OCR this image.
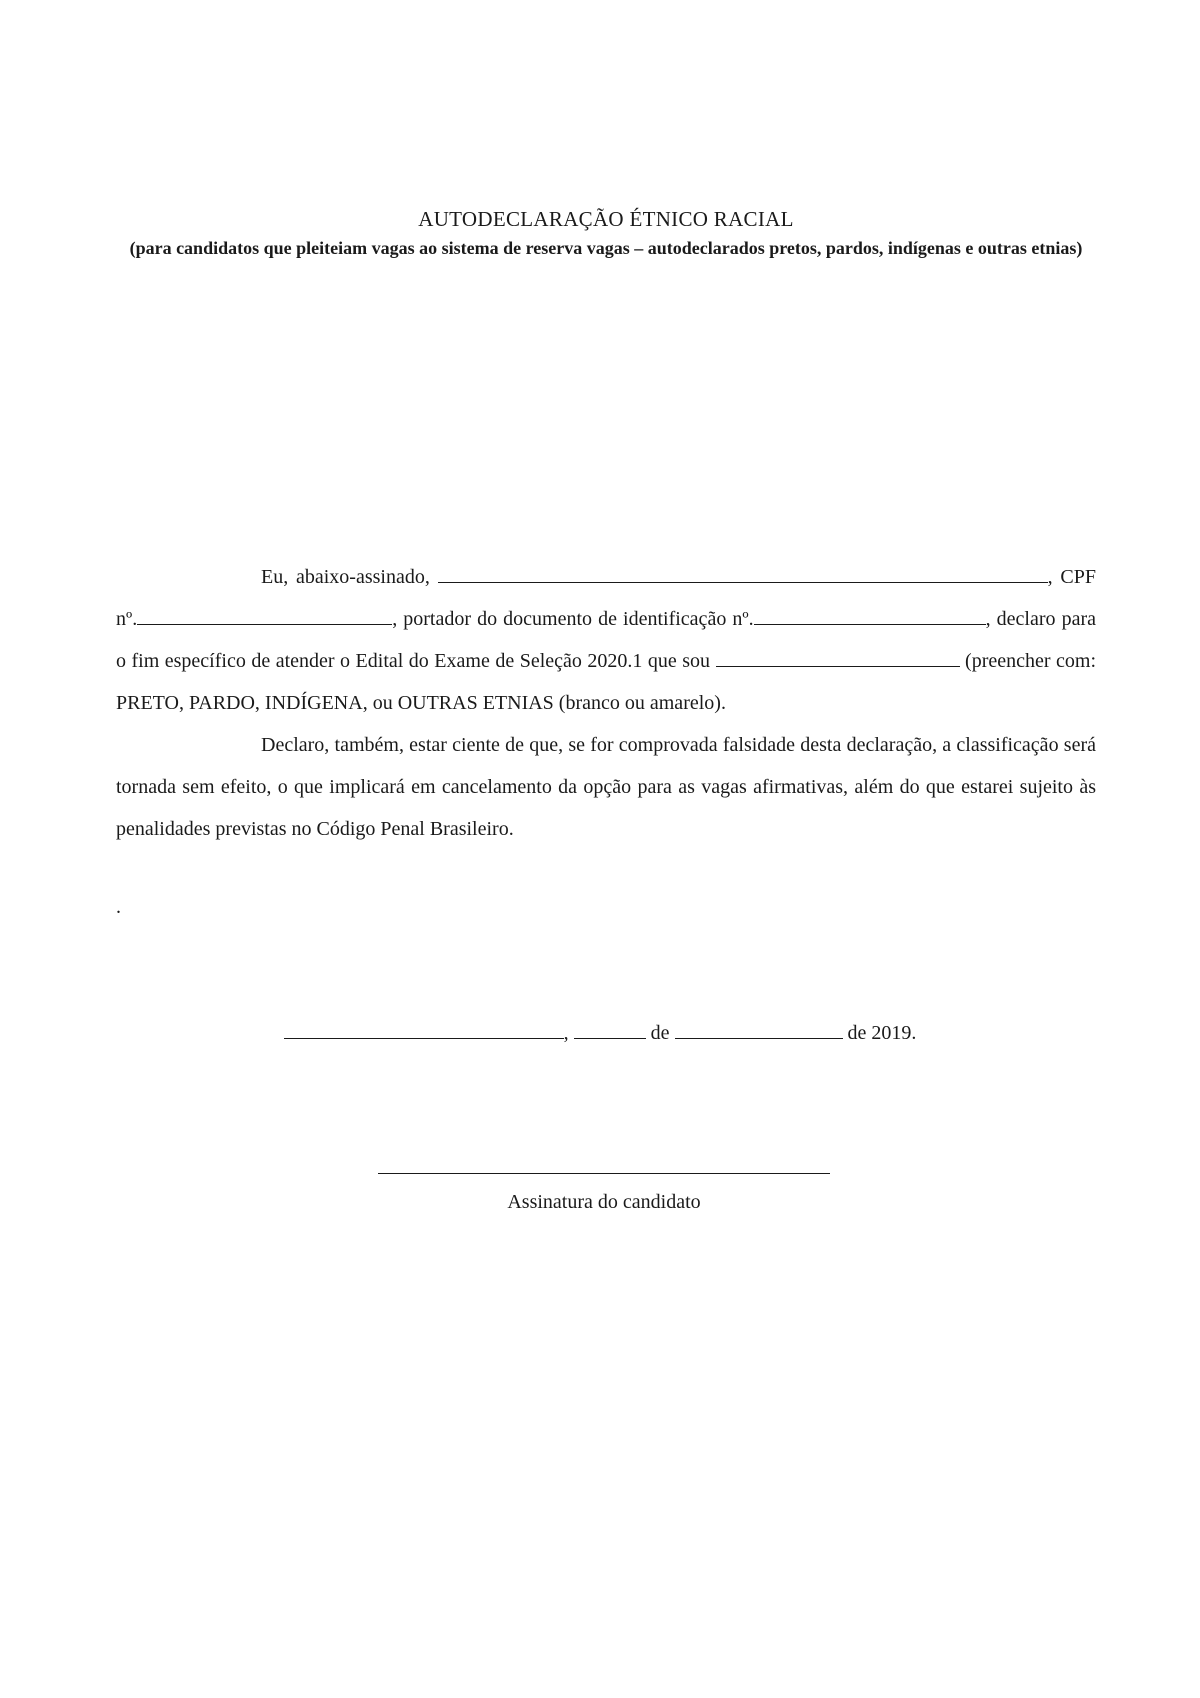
AUTODECLARAÇÃO ÉTNICO RACIAL
(para candidatos que pleiteiam vagas ao sistema de reserva vagas – autodeclarados pretos, pardos, indígenas e outras etnias)

Eu, abaixo-assinado,	, CPF nº.	, portador do documento de identificação nº.	, declaro para o fim específico de atender o Edital do Exame de Seleção 2020.1 que sou	(preencher com: PRETO, PARDO, INDÍGENA, ou OUTRAS ETNIAS (branco ou amarelo).

Declaro, também, estar ciente de que, se for comprovada falsidade desta declaração, a classificação será tornada sem efeito, o que implicará em cancelamento da opção para as vagas afirmativas, além do que estarei sujeito às penalidades previstas no Código Penal Brasileiro.

.
,	de	de 2019.
Assinatura do candidato
